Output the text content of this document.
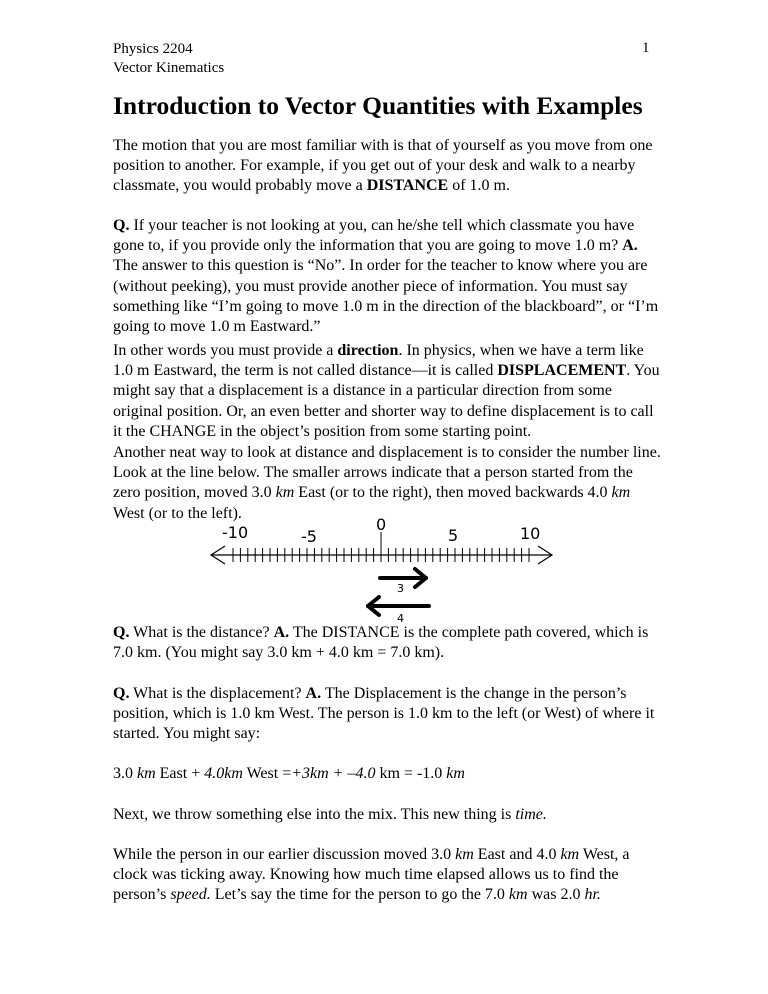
Physics 2204
Vector Kinematics
1
Introduction to Vector Quantities with Examples

The motion that you are most familiar with is that of yourself as you move from one position to another. For example, if you get out of your desk and walk to a nearby classmate, you would probably move a DISTANCE of 1.0 m.

Q. If your teacher is not looking at you, can he/she tell which classmate you have gone to, if you provide only the information that you are going to move 1.0 m? A. The answer to this question is “No”. In order for the teacher to know where you are (without peeking), you must provide another piece of information. You must say something like “I’m going to move 1.0 m in the direction of the blackboard”, or “I’m going to move 1.0 m Eastward.”

In other words you must provide a direction. In physics, when we have a term like 1.0 m Eastward, the term is not called distance—it is called DISPLACEMENT. You might say that a displacement is a distance in a particular direction from some original position. Or, an even better and shorter way to define displacement is to call it the CHANGE in the object’s position from some starting point.

Another neat way to look at distance and displacement is to consider the number line. Look at the line below. The smaller arrows indicate that a person started from the zero position, moved 3.0 km East (or to the right), then moved backwards 4.0 km West (or to the left).

-10	-5
0
5	10
3
4

Q. What is the distance? A. The DISTANCE is the complete path covered, which is 7.0 km. (You might say 3.0 km + 4.0 km = 7.0 km).

Q. What is the displacement? A. The Displacement is the change in the person’s position, which is 1.0 km West. The person is 1.0 km to the left (or West) of where it started. You might say:

3.0 km East + 4.0km West =+3km + –4.0 km = -1.0 km

Next, we throw something else into the mix. This new thing is time.

While the person in our earlier discussion moved 3.0 km East and 4.0 km West, a clock was ticking away. Knowing how much time elapsed allows us to find the person’s speed. Let’s say the time for the person to go the 7.0 km was 2.0 hr.
